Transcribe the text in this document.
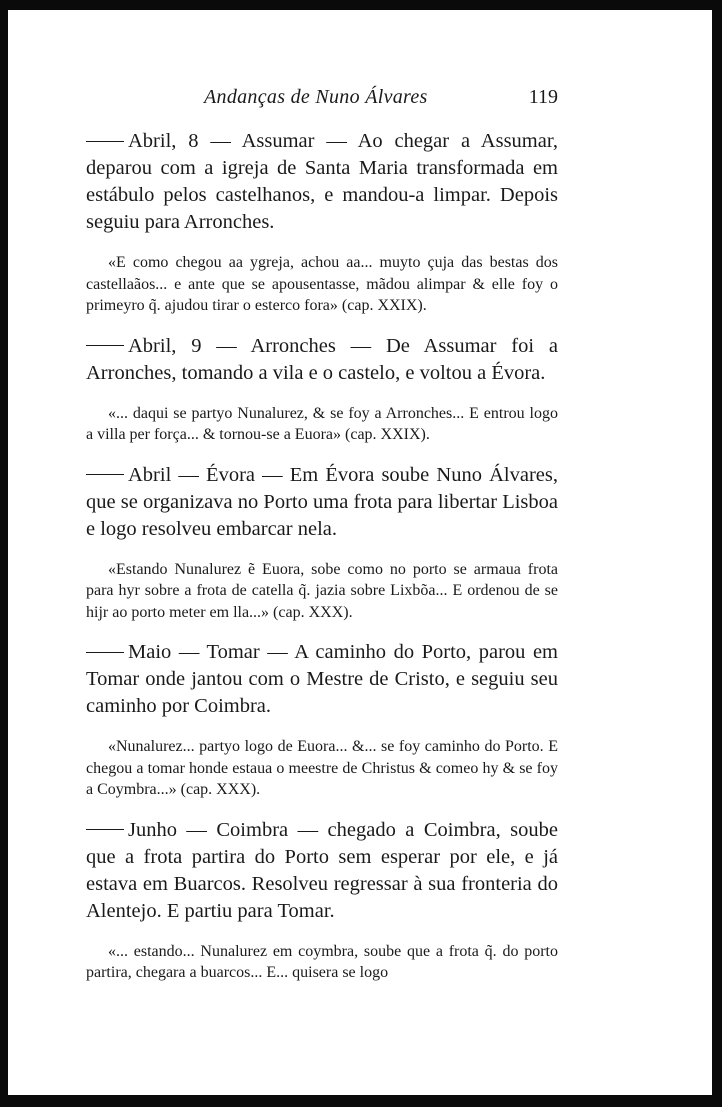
Andanças de Nuno Álvares	119

Abril, 8 — Assumar — Ao chegar a Assumar, deparou com a igreja de Santa Maria transformada em estábulo pelos castelhanos, e mandou-a limpar. Depois seguiu para Arronches.

«E como chegou aa ygreja, achou aa... muyto çuja das bestas dos castellaãos... e ante que se apousentasse, mãdou alimpar & elle foy o primeyro q̃. ajudou tirar o esterco fora» (cap. XXIX).

Abril, 9 — Arronches — De Assumar foi a Arronches, tomando a vila e o castelo, e voltou a Évora.

«... daqui se partyo Nunalurez, & se foy a Arronches... E entrou logo a villa per força... & tornou-se a Euora» (cap. XXIX).

Abril — Évora — Em Évora soube Nuno Álvares, que se organizava no Porto uma frota para libertar Lisboa e logo resolveu embarcar nela.

«Estando Nunalurez ẽ Euora, sobe como no porto se armaua frota para hyr sobre a frota de catella q̃. jazia sobre Lixbõa... E ordenou de se hijr ao porto meter em lla...» (cap. XXX).

Maio — Tomar — A caminho do Porto, parou em Tomar onde jantou com o Mestre de Cristo, e seguiu seu caminho por Coimbra.

«Nunalurez... partyo logo de Euora... &... se foy caminho do Porto. E chegou a tomar honde estaua o meestre de Christus & comeo hy & se foy a Coymbra...» (cap. XXX).

Junho — Coimbra — chegado a Coimbra, soube que a frota partira do Porto sem esperar por ele, e já estava em Buarcos. Resolveu regressar à sua fronteria do Alentejo. E partiu para Tomar.

«... estando... Nunalurez em coymbra, soube que a frota q̃. do porto partira, chegara a buarcos... E... quisera se logo
